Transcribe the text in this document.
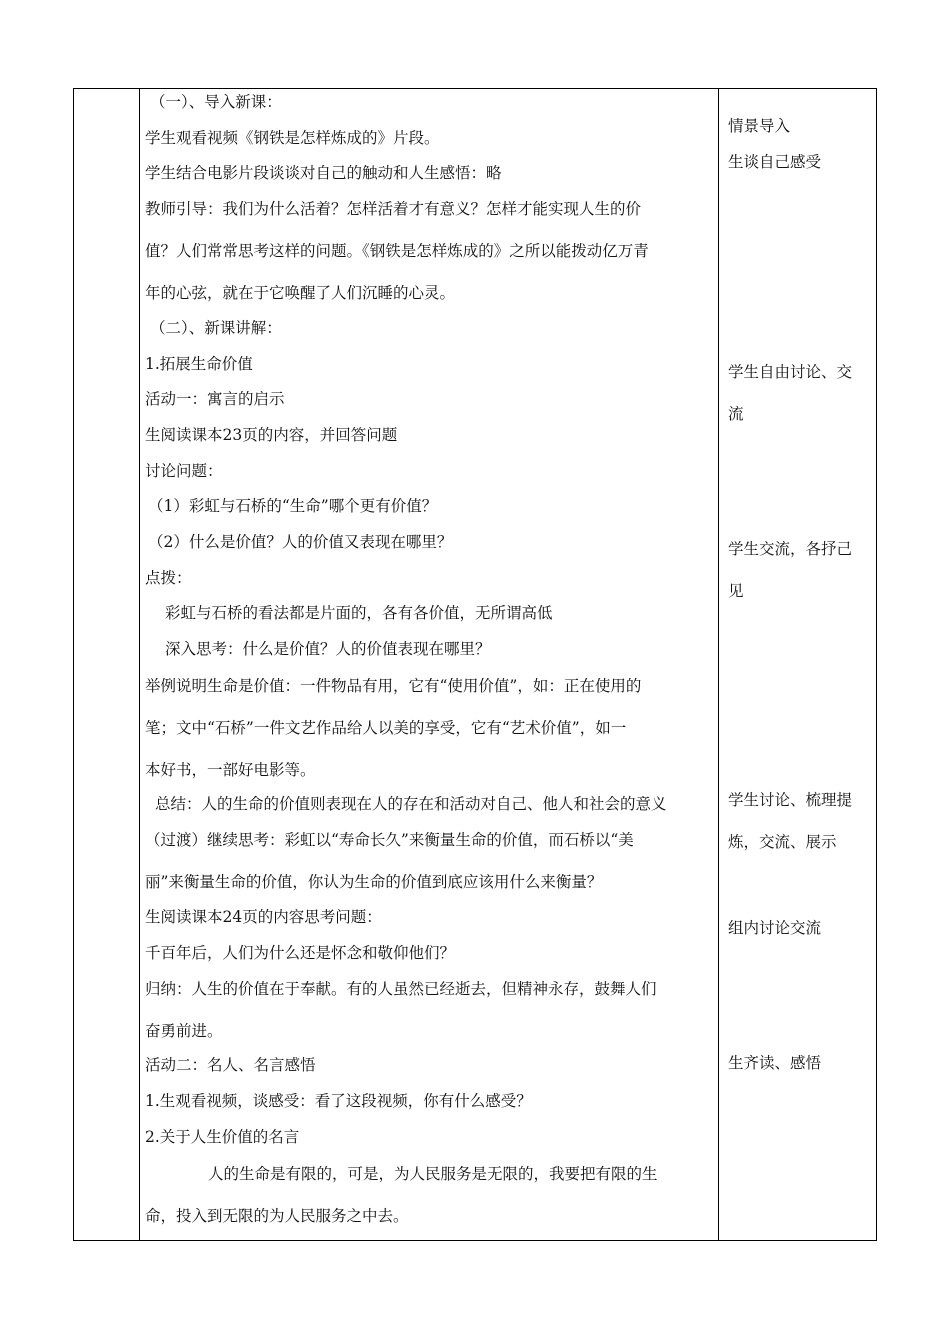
（一）、导入新课：
学生观看视频《钢铁是怎样炼成的》片段。
学生结合电影片段谈谈对自己的触动和人生感悟：略
教师引导：我们为什么活着？怎样活着才有意义？怎样才能实现人生的价
值？人们常常思考这样的问题。《钢铁是怎样炼成的》之所以能拨动亿万青
年的心弦，就在于它唤醒了人们沉睡的心灵。
（二）、新课讲解：
1.拓展生命价值
活动一：寓言的启示
生阅读课本23页的内容，并回答问题
讨论问题：
（1）彩虹与石桥的“生命”哪个更有价值？
（2）什么是价值？人的价值又表现在哪里？
点拨：
彩虹与石桥的看法都是片面的，各有各价值，无所谓高低
深入思考：什么是价值？人的价值表现在哪里？
举例说明生命是价值：一件物品有用，它有“使用价值”，如：正在使用的
笔；文中“石桥”一件文艺作品给人以美的享受，它有“艺术价值”，如一
本好书，一部好电影等。
总结：人的生命的价值则表现在人的存在和活动对自己、他人和社会的意义
（过渡）继续思考：彩虹以“寿命长久”来衡量生命的价值，而石桥以“美
丽”来衡量生命的价值，你认为生命的价值到底应该用什么来衡量？
生阅读课本24页的内容思考问题：
千百年后，人们为什么还是怀念和敬仰他们？
归纳：人生的价值在于奉献。有的人虽然已经逝去，但精神永存，鼓舞人们
奋勇前进。
活动二：名人、名言感悟
1.生观看视频，谈感受：看了这段视频，你有什么感受？
2.关于人生价值的名言
人的生命是有限的，可是，为人民服务是无限的，我要把有限的生
命，投入到无限的为人民服务之中去。
情景导入
生谈自己感受
学生自由讨论、交
流
学生交流，各抒己
见
学生讨论、梳理提
炼，交流、展示
组内讨论交流
生齐读、感悟
